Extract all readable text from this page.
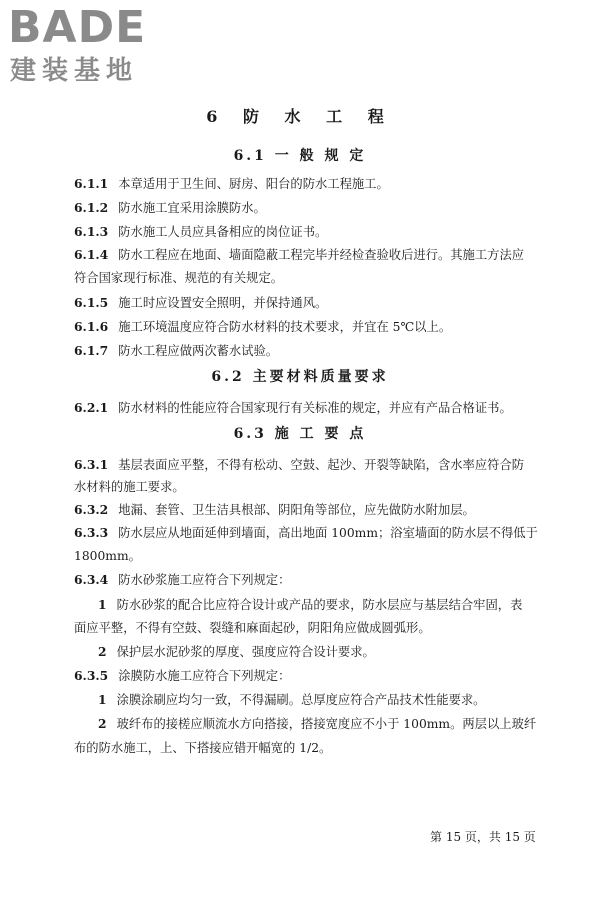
BADE
建装基地
6 防 水 工 程
6.1 一 般 规 定
6.1.1 本章适用于卫生间、厨房、阳台的防水工程施工。
6.1.2 防水施工宜采用涂膜防水。
6.1.3 防水施工人员应具备相应的岗位证书。
6.1.4 防水工程应在地面、墙面隐蔽工程完毕并经检查验收后进行。其施工方法应
符合国家现行标准、规范的有关规定。
6.1.5 施工时应设置安全照明，并保持通风。
6.1.6 施工环境温度应符合防水材料的技术要求，并宜在 5℃以上。
6.1.7 防水工程应做两次蓄水试验。
6.2 主要材料质量要求
6.2.1 防水材料的性能应符合国家现行有关标准的规定，并应有产品合格证书。
6.3 施 工 要 点
6.3.1 基层表面应平整，不得有松动、空鼓、起沙、开裂等缺陷，含水率应符合防
水材料的施工要求。
6.3.2 地漏、套管、卫生洁具根部、阴阳角等部位，应先做防水附加层。
6.3.3 防水层应从地面延伸到墙面，高出地面 100mm；浴室墙面的防水层不得低于
1800mm。
6.3.4 防水砂浆施工应符合下列规定：
1 防水砂浆的配合比应符合设计或产品的要求，防水层应与基层结合牢固，表
面应平整，不得有空鼓、裂缝和麻面起砂，阴阳角应做成圆弧形。
2 保护层水泥砂浆的厚度、强度应符合设计要求。
6.3.5 涂膜防水施工应符合下列规定：
1 涂膜涂刷应均匀一致，不得漏刷。总厚度应符合产品技术性能要求。
2 玻纤布的接槎应顺流水方向搭接，搭接宽度应不小于 100mm。两层以上玻纤
布的防水施工，上、下搭接应错开幅宽的 1/2。
第 15 页，共 15 页
